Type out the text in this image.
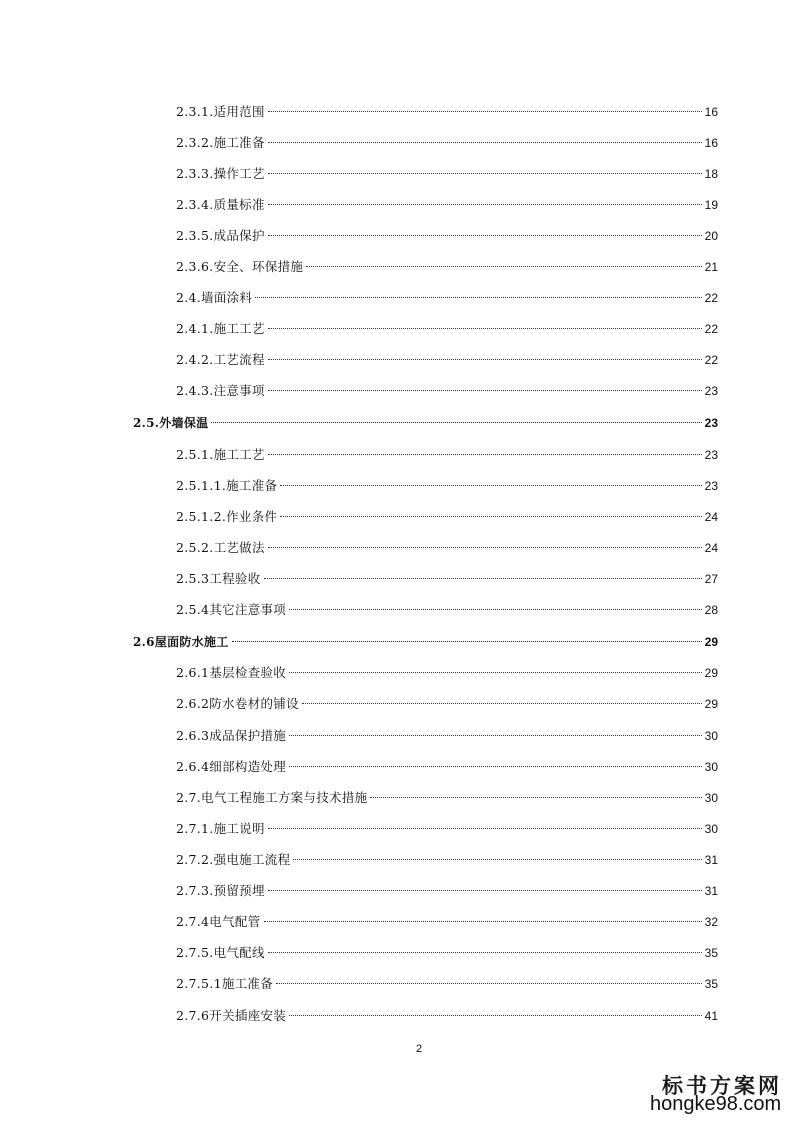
2.3.1.适用范围	16
2.3.2.施工准备	16
2.3.3.操作工艺	18
2.3.4.质量标准	19
2.3.5.成品保护	20
2.3.6.安全、环保措施	21
2.4.墙面涂料	22
2.4.1.施工工艺	22
2.4.2.工艺流程	22
2.4.3.注意事项	23
2.5.外墙保温	23
2.5.1.施工工艺	23
2.5.1.1.施工准备	23
2.5.1.2.作业条件	24
2.5.2.工艺做法	24
2.5.3工程验收	27
2.5.4其它注意事项	28
2.6屋面防水施工	29
2.6.1基层检查验收	29
2.6.2防水卷材的铺设	29
2.6.3成品保护措施	30
2.6.4细部构造处理	30
2.7.电气工程施工方案与技术措施	30
2.7.1.施工说明	30
2.7.2.强电施工流程	31
2.7.3.预留预埋	31
2.7.4电气配管	32
2.7.5.电气配线	35
2.7.5.1施工准备	35
2.7.6开关插座安装	41
2
标书方案网
hongke98.com
